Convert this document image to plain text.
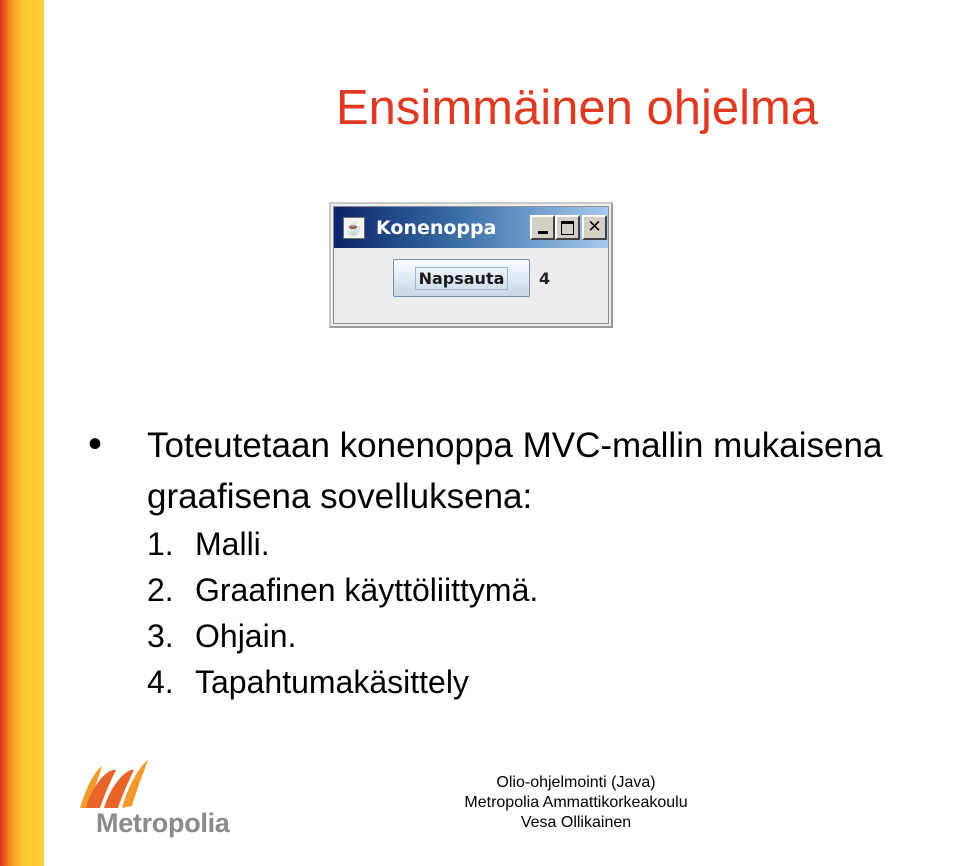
Ensimmäinen ohjelma
☕ Konenoppa	✕
Napsauta 4
• Toteutetaan konenoppa MVC-mallin mukaisena graafisena sovelluksena:

1. Malli.
2. Graafinen käyttöliittymä.
3. Ohjain.
4. Tapahtumakäsittely
Metropolia
Olio-ohjelmointi (Java)
Metropolia Ammattikorkeakoulu
Vesa Ollikainen
